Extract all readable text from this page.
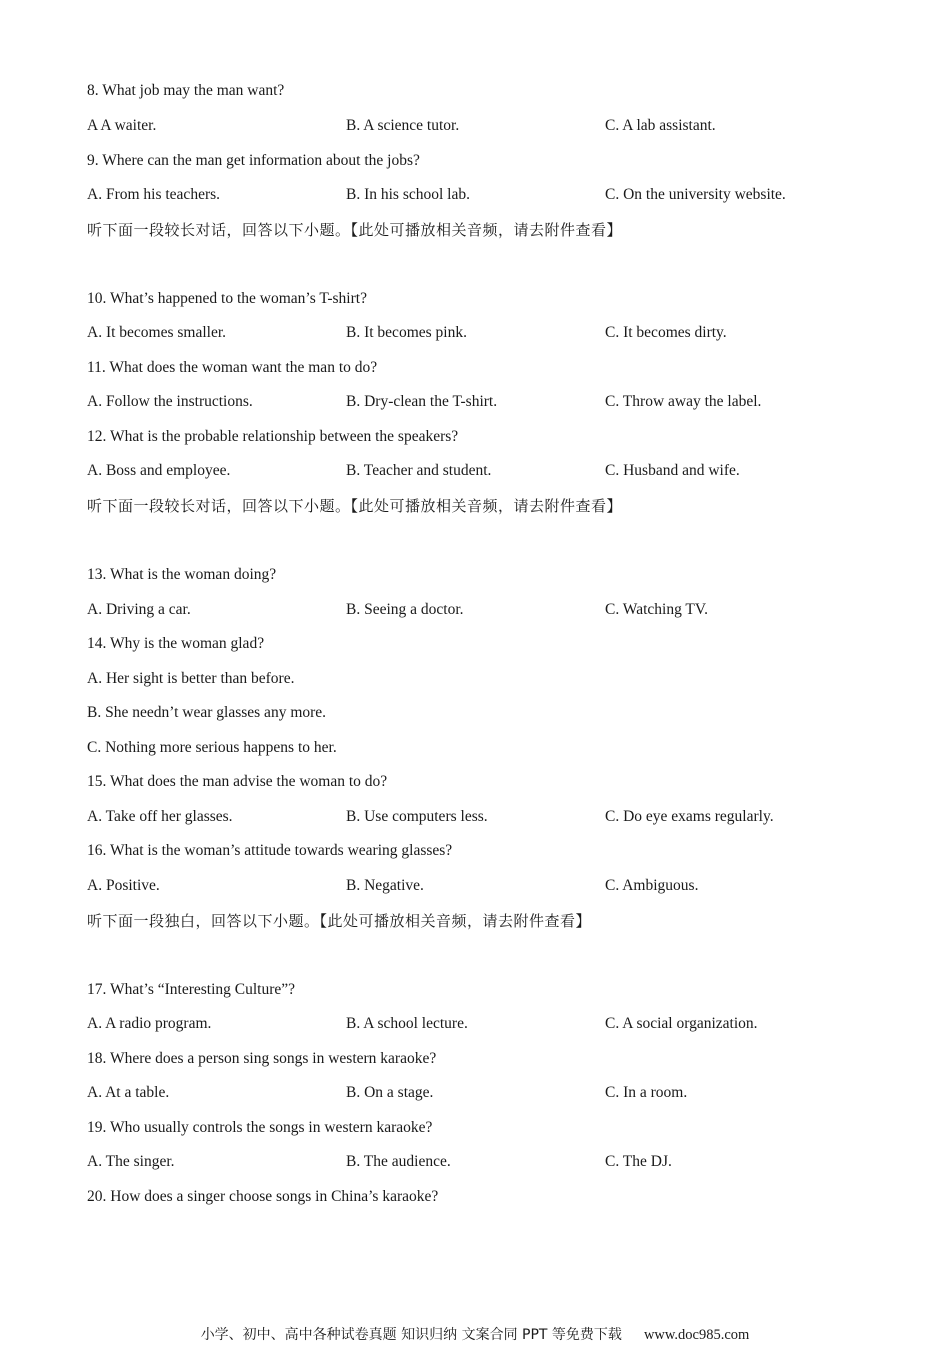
8. What job may the man want?
A A waiter.	B. A science tutor.	C. A lab assistant.
9. Where can the man get information about the jobs?
A. From his teachers.	B. In his school lab.	C. On the university website.
听下面一段较长对话，回答以下小题。【此处可播放相关音频，请去附件查看】
10. What’s happened to the woman’s T-shirt?
A. It becomes smaller.	B. It becomes pink.	C. It becomes dirty.
11. What does the woman want the man to do?
A. Follow the instructions.	B. Dry-clean the T-shirt.	C. Throw away the label.
12. What is the probable relationship between the speakers?
A. Boss and employee.	B. Teacher and student.	C. Husband and wife.
听下面一段较长对话，回答以下小题。【此处可播放相关音频，请去附件查看】
13. What is the woman doing?
A. Driving a car.	B. Seeing a doctor.	C. Watching TV.
14. Why is the woman glad?
A. Her sight is better than before.
B. She needn’t wear glasses any more.
C. Nothing more serious happens to her.
15. What does the man advise the woman to do?
A. Take off her glasses.	B. Use computers less.	C. Do eye exams regularly.
16. What is the woman’s attitude towards wearing glasses?
A. Positive.	B. Negative.	C. Ambiguous.
听下面一段独白，回答以下小题。【此处可播放相关音频，请去附件查看】
17. What’s “Interesting Culture”?
A. A radio program.	B. A school lecture.	C. A social organization.
18. Where does a person sing songs in western karaoke?
A. At a table.	B. On a stage.	C. In a room.
19. Who usually controls the songs in western karaoke?
A. The singer.	B. The audience.	C. The DJ.
20. How does a singer choose songs in China’s karaoke?
小学、初中、高中各种试卷真题 知识归纳 文案合同 PPT 等免费下载 www.doc985.com
